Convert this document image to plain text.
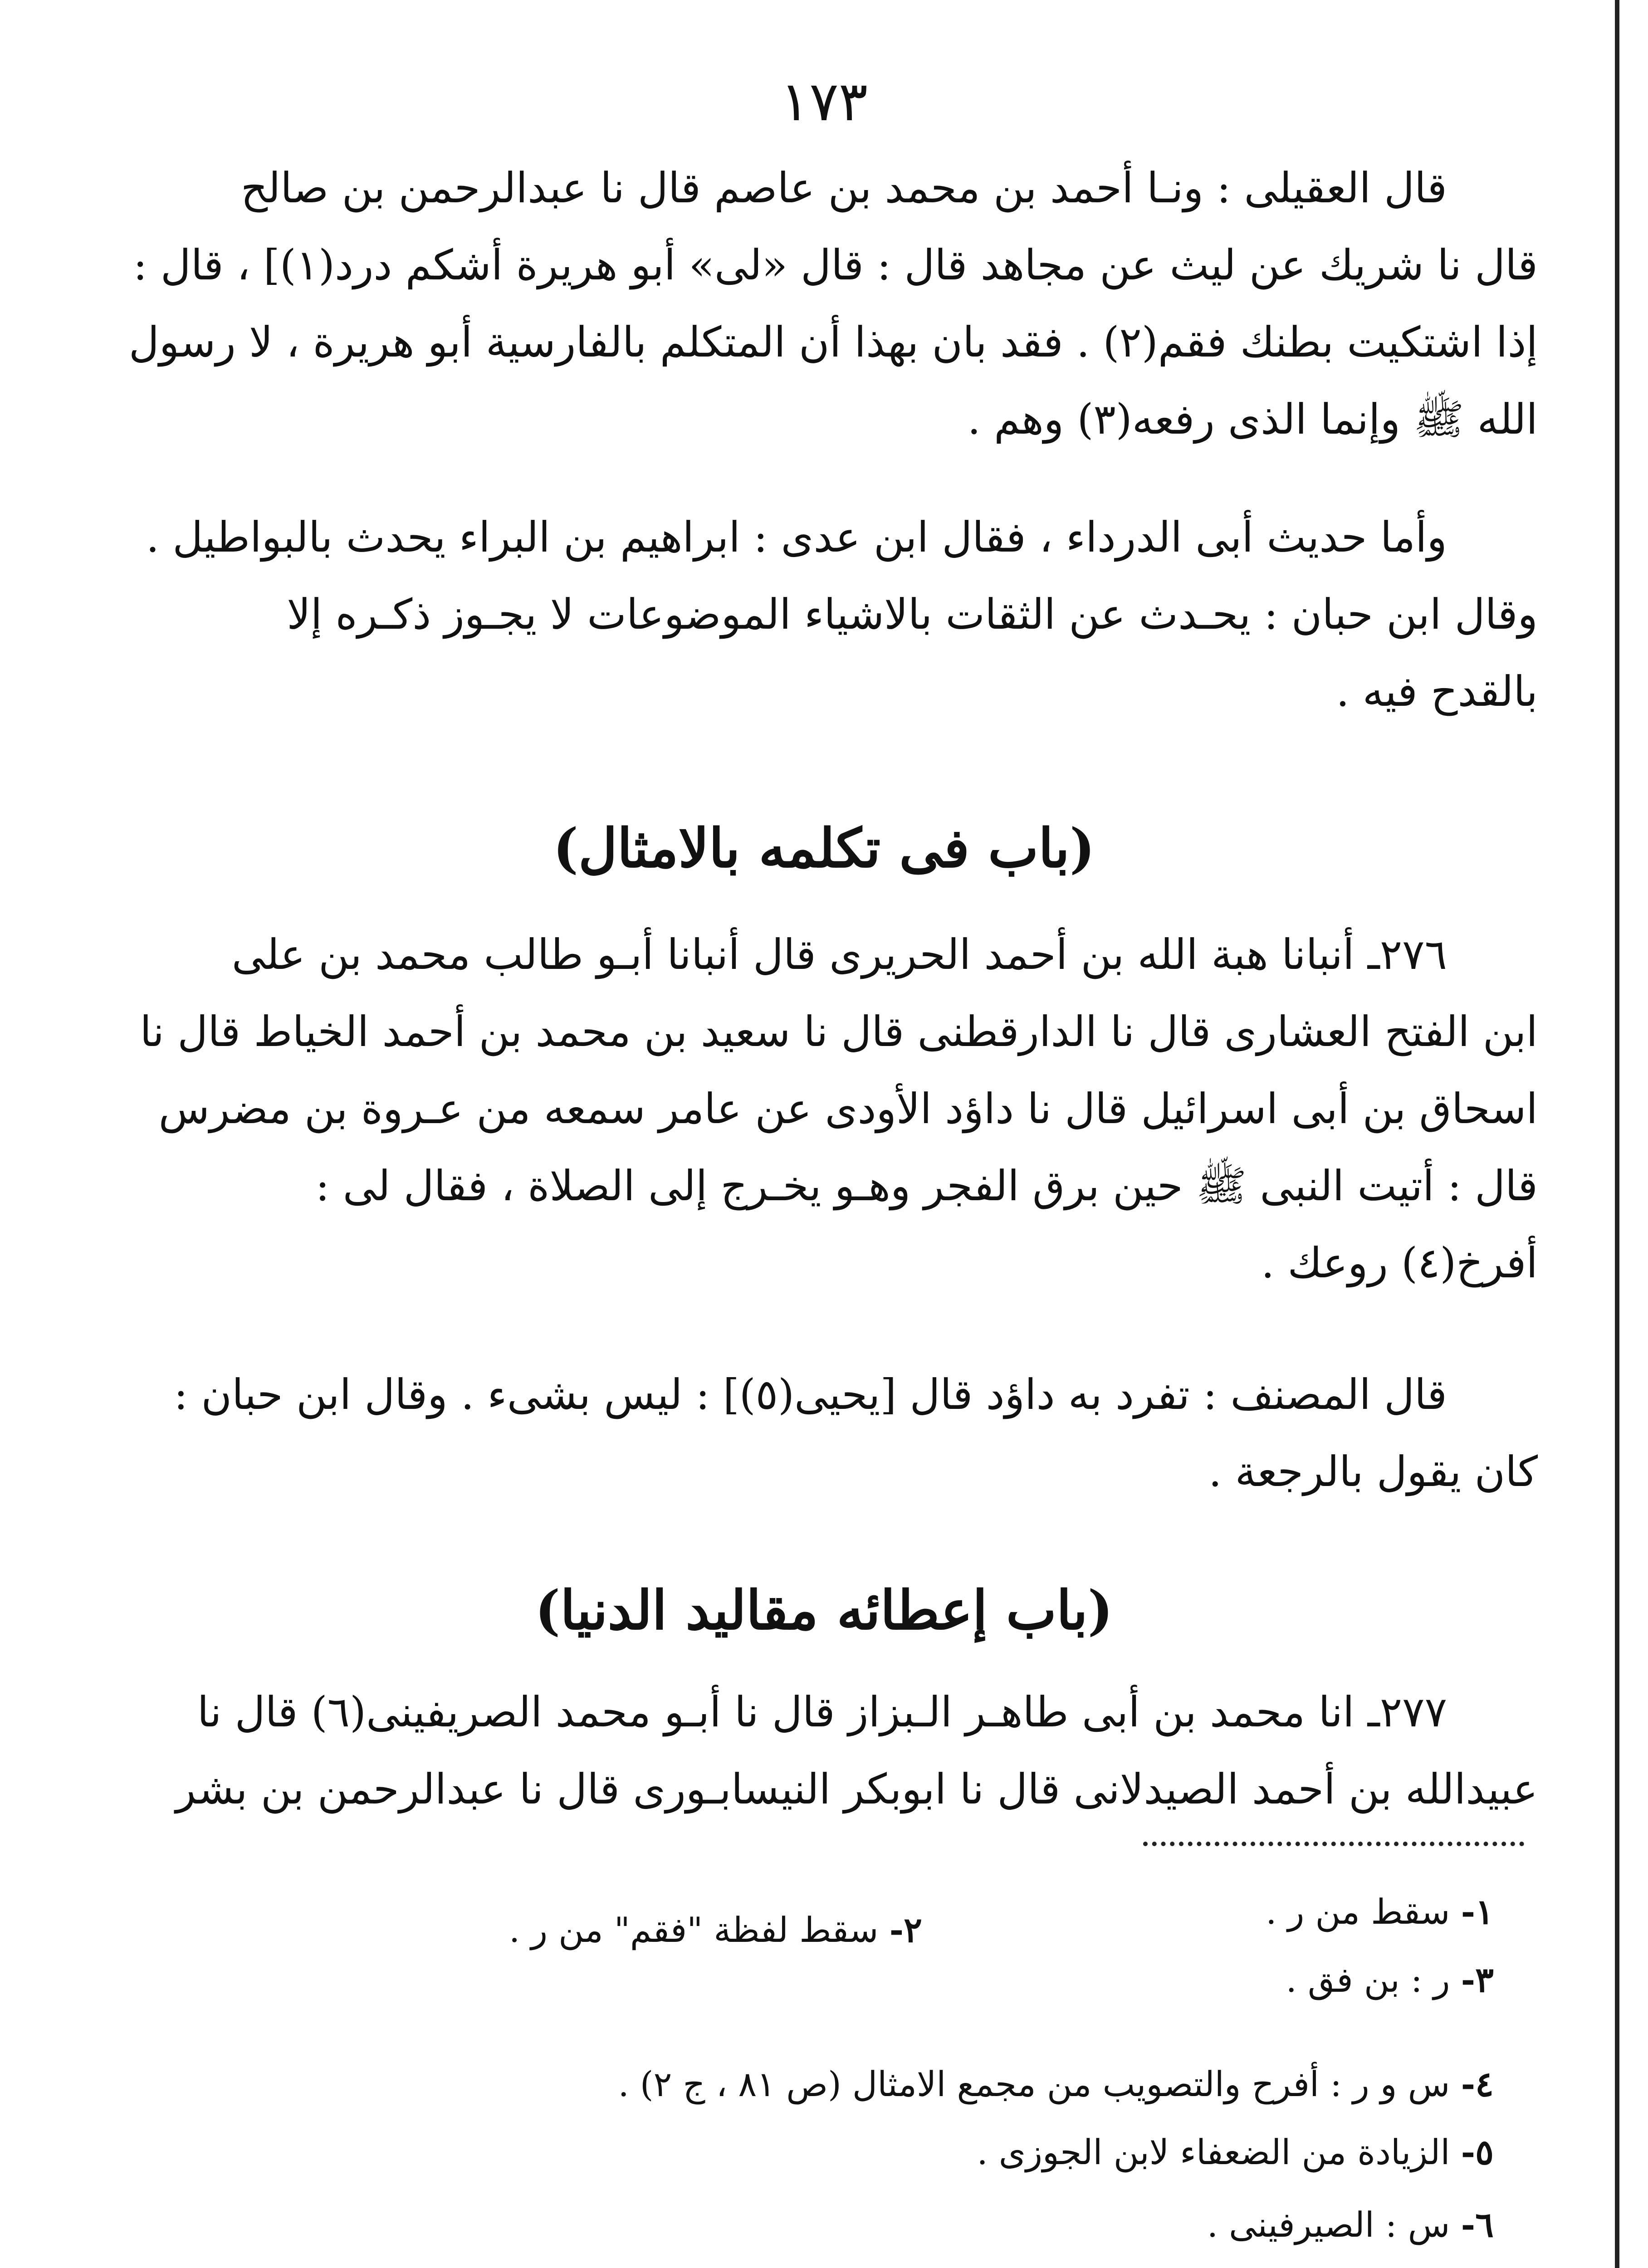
١٧٣

قال العقيلى : ونـا أحمد بن محمد بن عاصم قال نا عبدالرحمن بن صالح

قال نا شريك عن ليث عن مجاهد قال : قال «لى» أبو هريرة أشكم درد(١)] ، قال :

إذا اشتكيت بطنك فقم(٢) . فقد بان بهذا أن المتكلم بالفارسية أبو هريرة ، لا رسول

الله ﷺ وإنما الذى رفعه(٣) وهم .

وأما حديث أبى الدرداء ، فقال ابن عدى : ابراهيم بن البراء يحدث بالبواطيل .

وقال ابن حبان : يحـدث عن الثقات بالاشياء الموضوعات لا يجـوز ذكـره إلا

بالقدح فيه .

(باب فى تكلمه بالامثال)

٢٧٦ـ أنبانا هبة الله بن أحمد الحريرى قال أنبانا أبـو طالب محمد بن على

ابن الفتح العشارى قال نا الدارقطنى قال نا سعيد بن محمد بن أحمد الخياط قال نا

اسحاق بن أبى اسرائيل قال نا داؤد الأودى عن عامر سمعه من عـروة بن مضرس

قال : أتيت النبى ﷺ حين برق الفجر وهـو يخـرج إلى الصلاة ، فقال لى :

أفرخ(٤) روعك .

قال المصنف : تفرد به داؤد قال [يحيى(٥)] : ليس بشىء . وقال ابن حبان :

كان يقول بالرجعة .

(باب إعطائه مقاليد الدنيا)

٢٧٧ـ انا محمد بن أبى طاهـر الـبزاز قال نا أبـو محمد الصريفينى(٦) قال نا

عبيدالله بن أحمد الصيدلانى قال نا ابوبكر النيسابـورى قال نا عبدالرحمن بن بشر

١- سقط من ر .
٢- سقط لفظة "فقم" من ر .
٣- ر : بن فق .
٤- س و ر : أفرح والتصويب من مجمع الامثال (ص ٨١ ، ج ٢) .
٥- الزيادة من الضعفاء لابن الجوزى .
٦- س : الصيرفينى .
